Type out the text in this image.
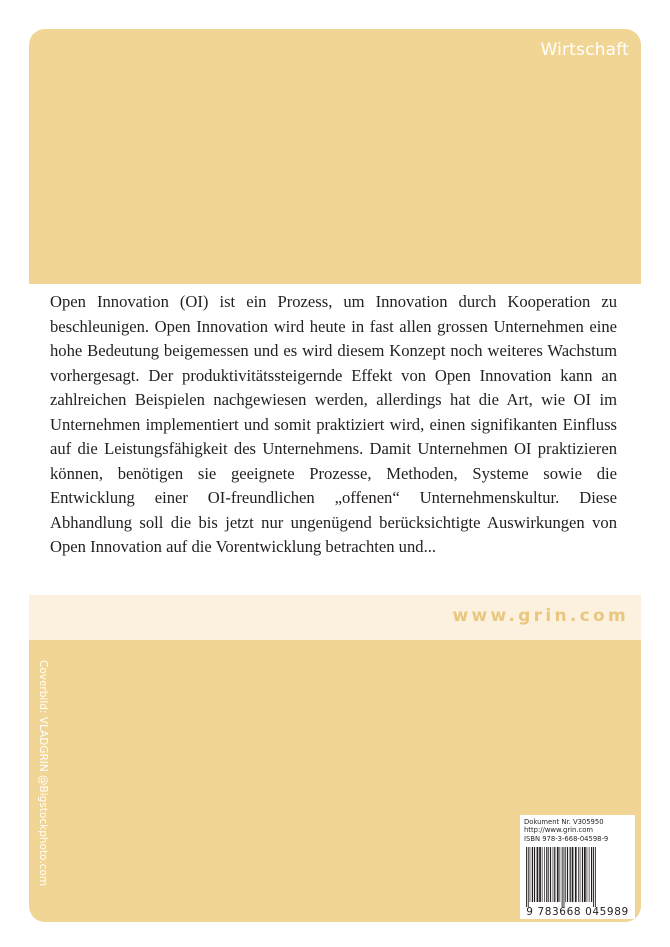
Wirtschaft

Open Innovation (OI) ist ein Prozess, um Innovation durch Kooperation zu beschleunigen. Open Innovation wird heute in fast allen grossen Unternehmen eine hohe Bedeutung beigemessen und es wird diesem Konzept noch weiteres Wachstum vorhergesagt. Der produktivitätssteigernde Effekt von Open Innovation kann an zahlreichen Beispielen nachgewiesen werden, allerdings hat die Art, wie OI im Unternehmen implementiert und somit praktiziert wird, einen signifikanten Einfluss auf die Leistungsfähigkeit des Unternehmens. Damit Unternehmen OI praktizieren können, benötigen sie geeignete Prozesse, Methoden, Systeme sowie die Entwicklung einer OI-freundlichen „offenen“ Unternehmenskultur. Diese Abhandlung soll die bis jetzt nur ungenügend berücksichtigte Auswirkungen von Open Innovation auf die Vorentwicklung betrachten und...

www.grin.com
Coverbild: VLADGRIN @Bigstockphoto.com	Dokument Nr. V305950
http://www.grin.com
ISBN 978-3-668-04598-9
9 783668 045989
